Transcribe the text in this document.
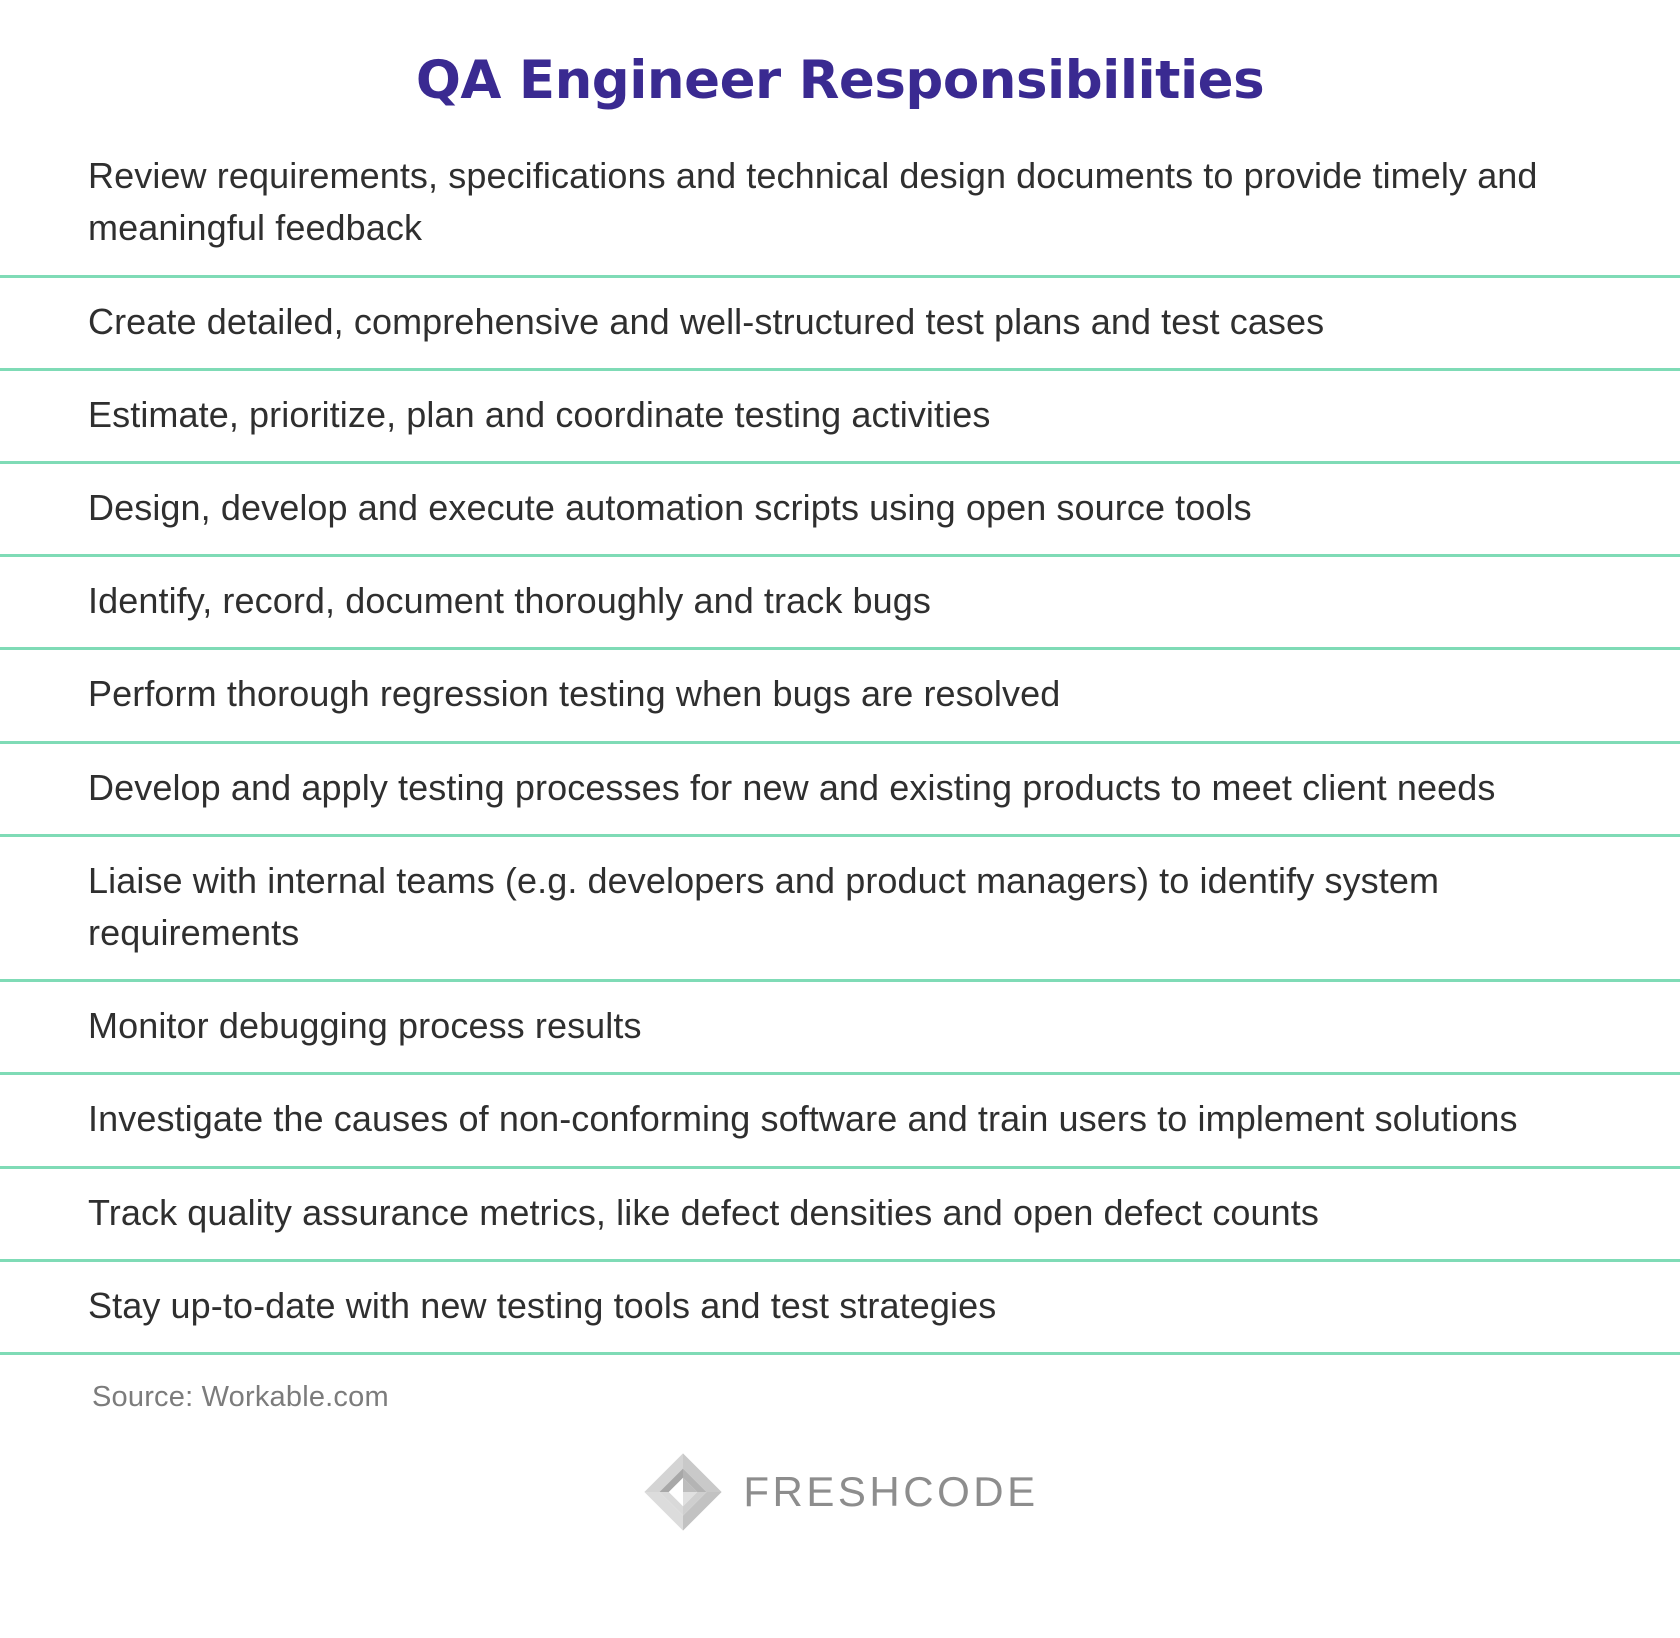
QA Engineer Responsibilities

Review requirements, specifications and technical design documents to provide timely and meaningful feedback

Create detailed, comprehensive and well-structured test plans and test cases

Estimate, prioritize, plan and coordinate testing activities

Design, develop and execute automation scripts using open source tools

Identify, record, document thoroughly and track bugs

Perform thorough regression testing when bugs are resolved

Develop and apply testing processes for new and existing products to meet client needs

Liaise with internal teams (e.g. developers and product managers) to identify system requirements

Monitor debugging process results

Investigate the causes of non-conforming software and train users to implement solutions

Track quality assurance metrics, like defect densities and open defect counts

Stay up-to-date with new testing tools and test strategies

Source: Workable.com

FRESHCODE
